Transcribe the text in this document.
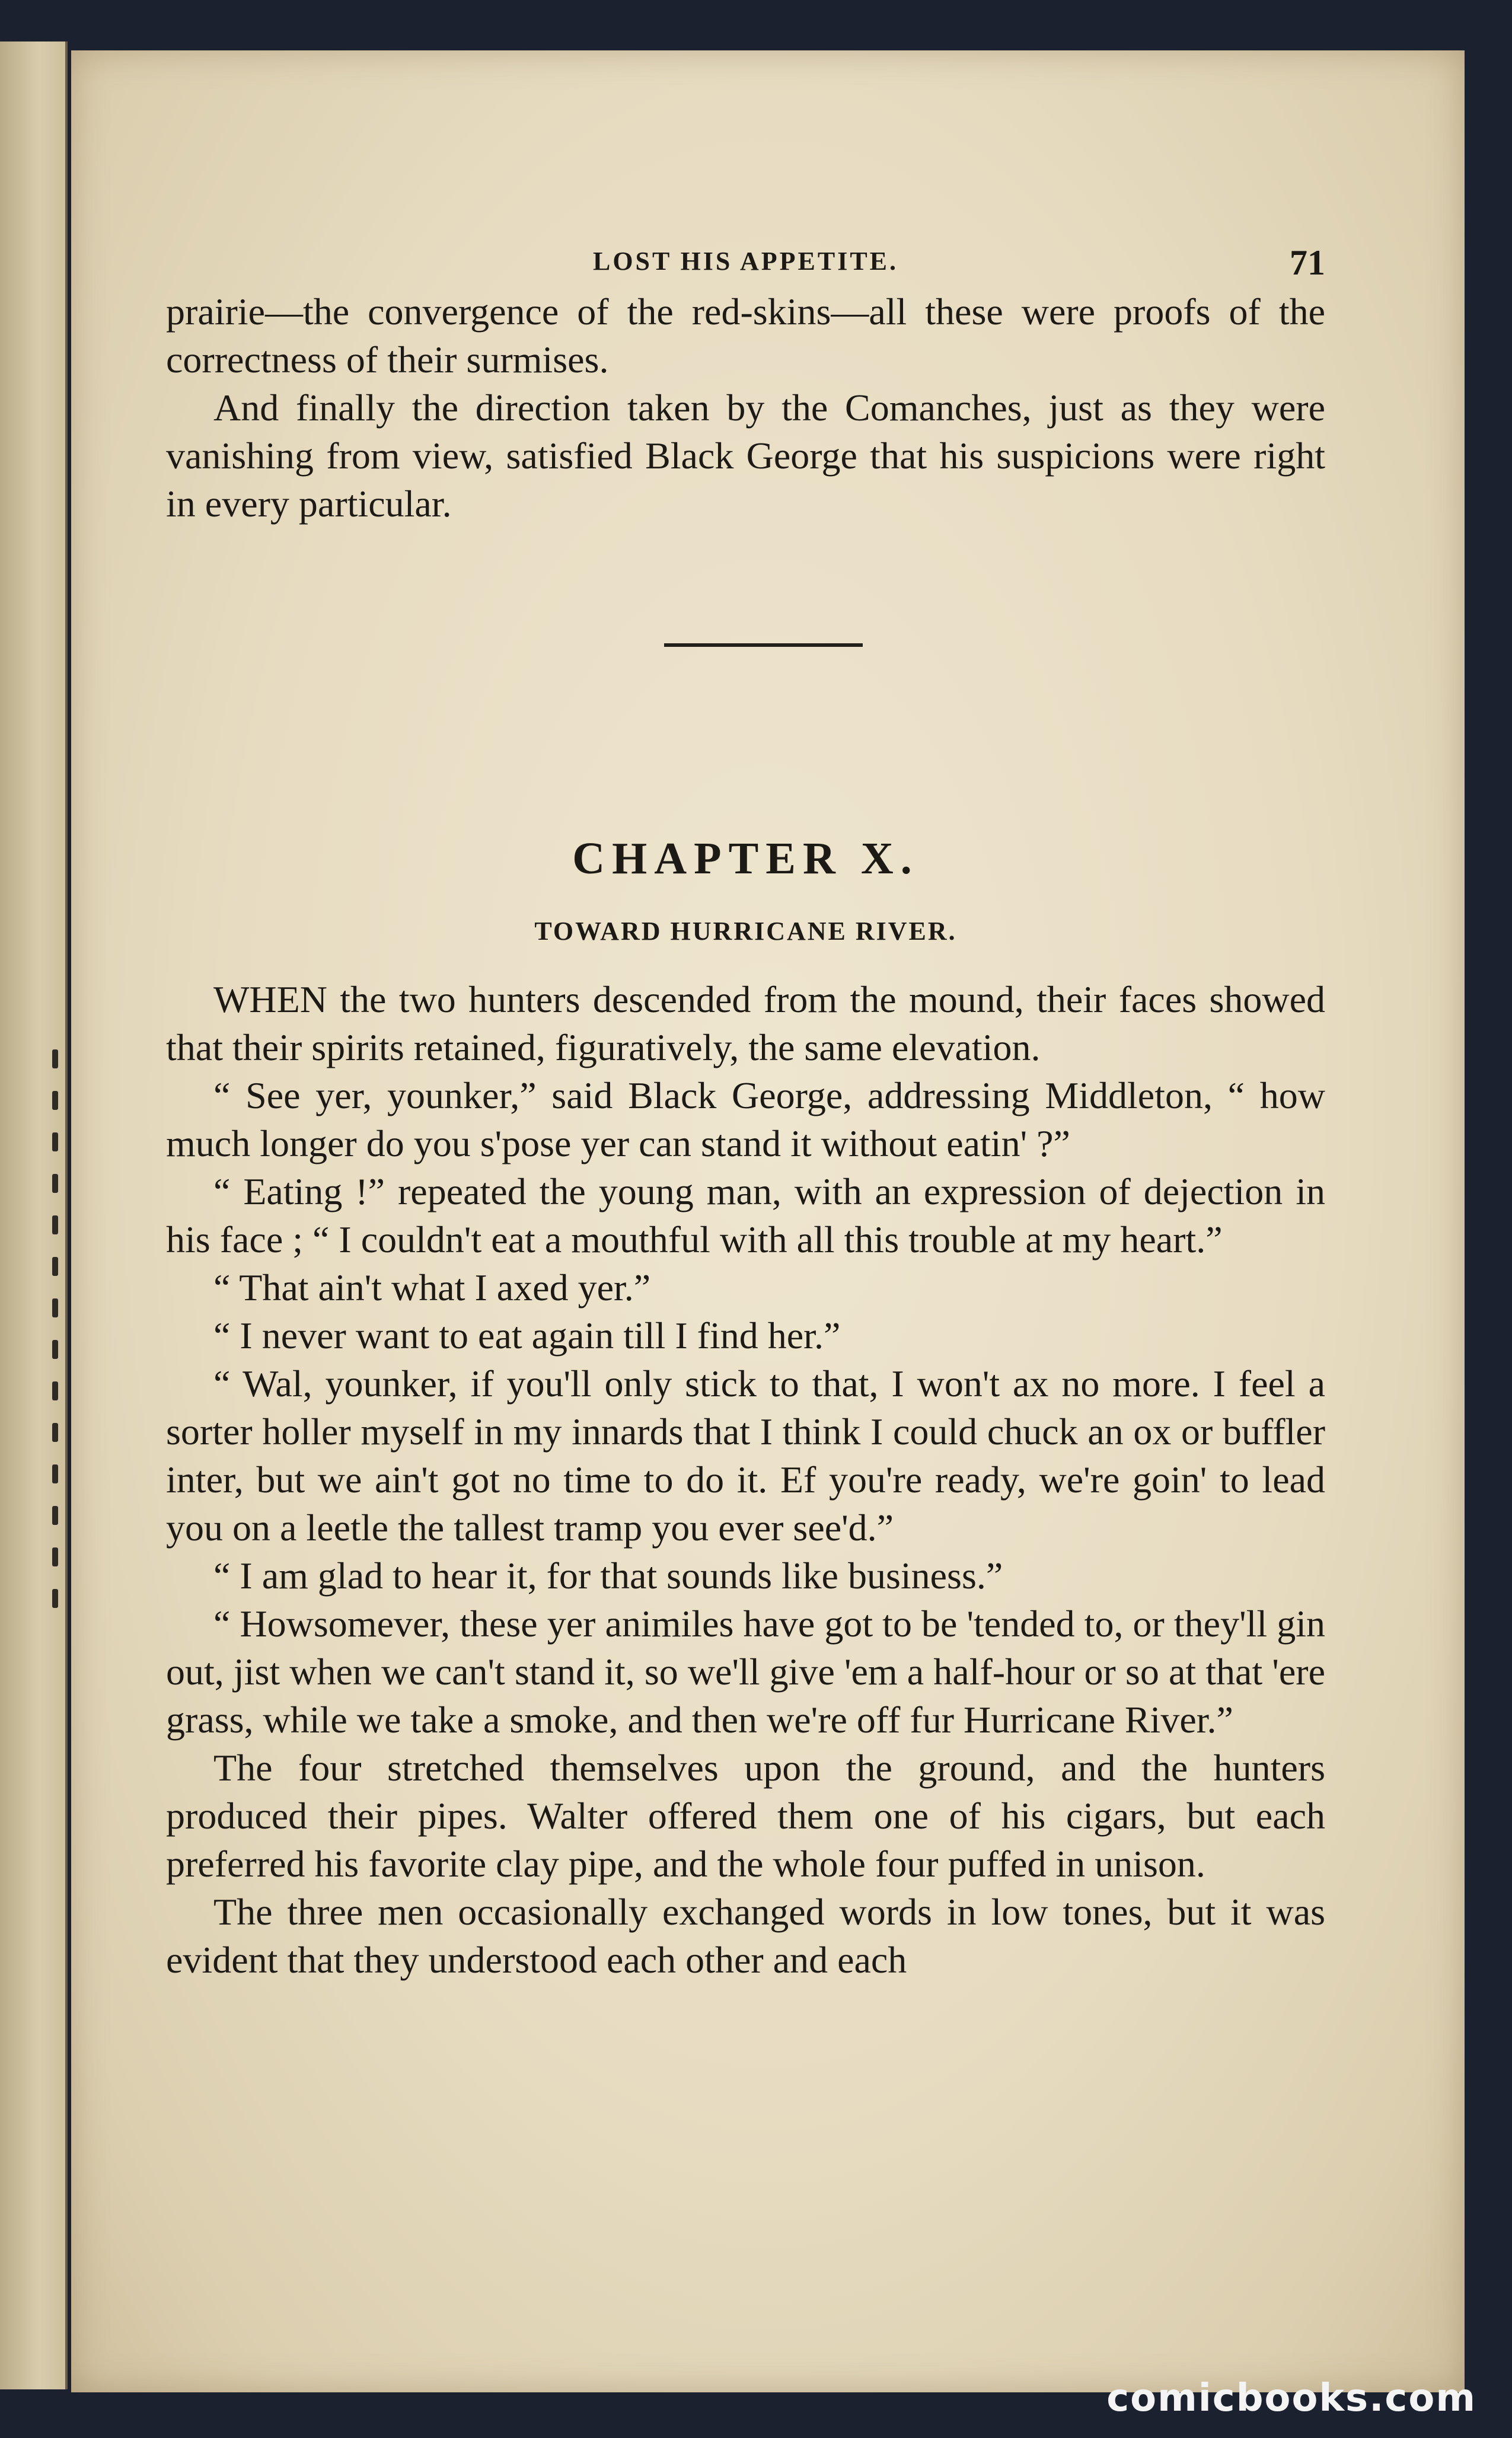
LOST HIS APPETITE.	71

prairie—the convergence of the red-skins—all these were proofs of the correctness of their surmises.

And finally the direction taken by the Comanches, just as they were vanishing from view, satisfied Black George that his suspicions were right in every particular.

CHAPTER X.
TOWARD HURRICANE RIVER.

WHEN the two hunters descended from the mound, their faces showed that their spirits retained, figuratively, the same elevation.

“ See yer, younker,” said Black George, addressing Middleton, “ how much longer do you s'pose yer can stand it without eatin' ?”

“ Eating !” repeated the young man, with an expression of dejection in his face ; “ I couldn't eat a mouthful with all this trouble at my heart.”

“ That ain't what I axed yer.”

“ I never want to eat again till I find her.”

“ Wal, younker, if you'll only stick to that, I won't ax no more. I feel a sorter holler myself in my innards that I think I could chuck an ox or buffler inter, but we ain't got no time to do it. Ef you're ready, we're goin' to lead you on a leetle the tallest tramp you ever see'd.”

“ I am glad to hear it, for that sounds like business.”

“ Howsomever, these yer animiles have got to be 'tended to, or they'll gin out, jist when we can't stand it, so we'll give 'em a half-hour or so at that 'ere grass, while we take a smoke, and then we're off fur Hurricane River.”

The four stretched themselves upon the ground, and the hunters produced their pipes. Walter offered them one of his cigars, but each preferred his favorite clay pipe, and the whole four puffed in unison.

The three men occasionally exchanged words in low tones, but it was evident that they understood each other and each

comicbooks.com
